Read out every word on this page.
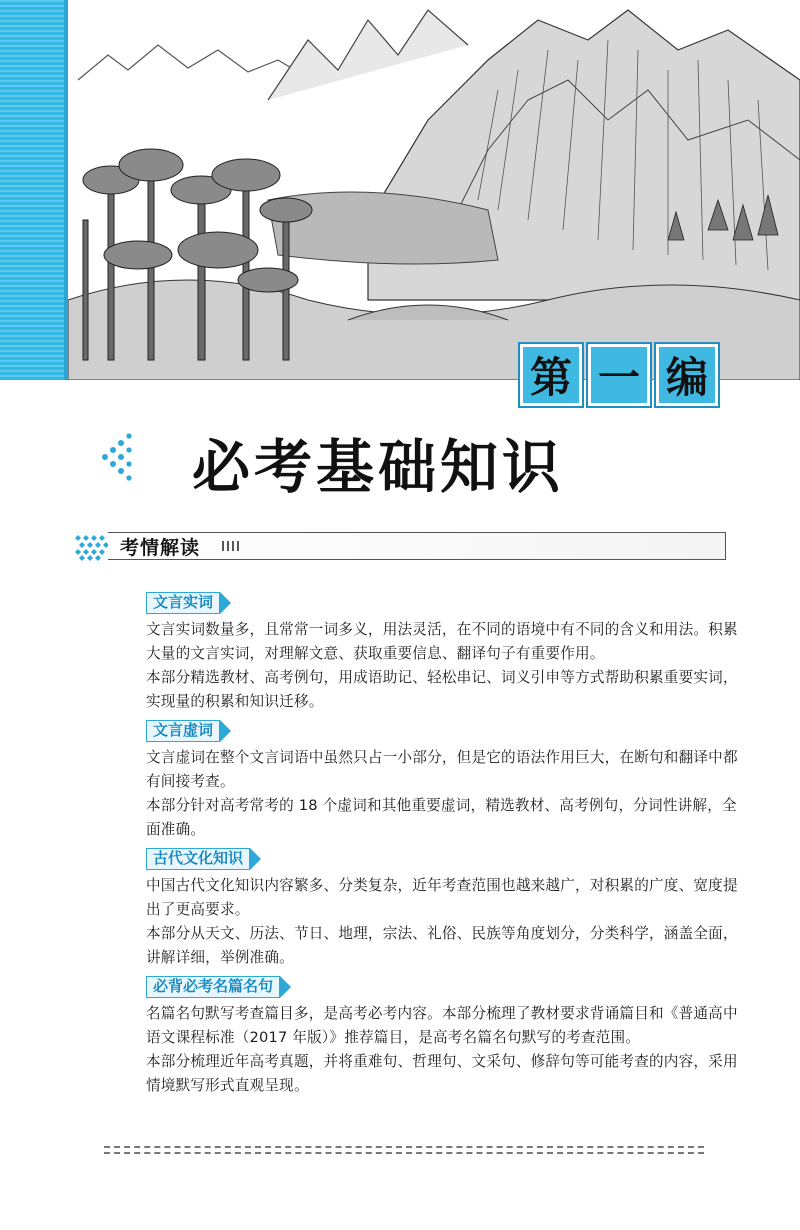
第 一 编
必考基础知识
考情解读
文言实词

文言实词数量多，且常常一词多义，用法灵活，在不同的语境中有不同的含义和用法。积累大量的文言实词，对理解文意、获取重要信息、翻译句子有重要作用。

本部分精选教材、高考例句，用成语助记、轻松串记、词义引申等方式帮助积累重要实词，实现量的积累和知识迁移。

文言虚词

文言虚词在整个文言词语中虽然只占一小部分，但是它的语法作用巨大，在断句和翻译中都有间接考查。

本部分针对高考常考的 18 个虚词和其他重要虚词，精选教材、高考例句，分词性讲解，全面准确。

古代文化知识

中国古代文化知识内容繁多、分类复杂，近年考查范围也越来越广，对积累的广度、宽度提出了更高要求。

本部分从天文、历法、节日、地理，宗法、礼俗、民族等角度划分，分类科学，涵盖全面，讲解详细，举例准确。

必背必考名篇名句

名篇名句默写考查篇目多，是高考必考内容。本部分梳理了教材要求背诵篇目和《普通高中语文课程标准（2017 年版）》推荐篇目，是高考名篇名句默写的考查范围。

本部分梳理近年高考真题，并将重难句、哲理句、文采句、修辞句等可能考查的内容，采用情境默写形式直观呈现。
